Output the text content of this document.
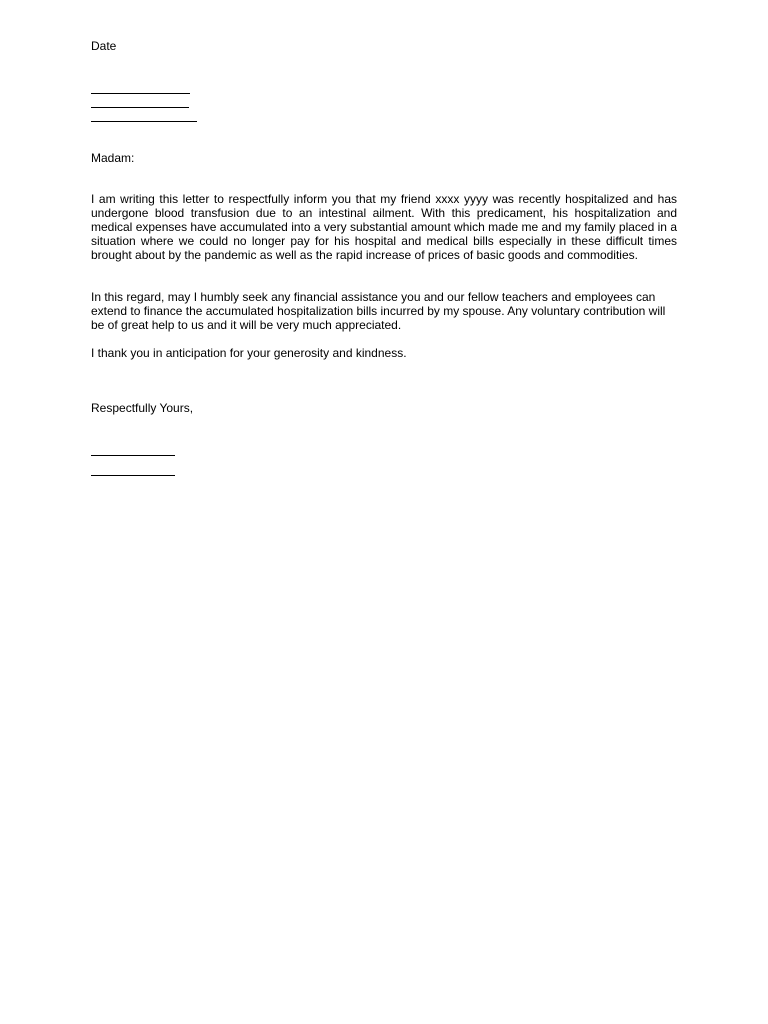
Date
Madam:
I am writing this letter to respectfully inform you that my friend xxxx yyyy was recently hospitalized and has undergone blood transfusion due to an intestinal ailment. With this predicament, his hospitalization and medical expenses have accumulated into a very substantial amount which made me and my family placed in a situation where we could no longer pay for his hospital and medical bills especially in these difficult times brought about by the pandemic as well as the rapid increase of prices of basic goods and commodities.
In this regard, may I humbly seek any financial assistance you and our fellow teachers and employees can extend to finance the accumulated hospitalization bills incurred by my spouse. Any voluntary contribution will be of great help to us and it will be very much appreciated.
I thank you in anticipation for your generosity and kindness.
Respectfully Yours,
